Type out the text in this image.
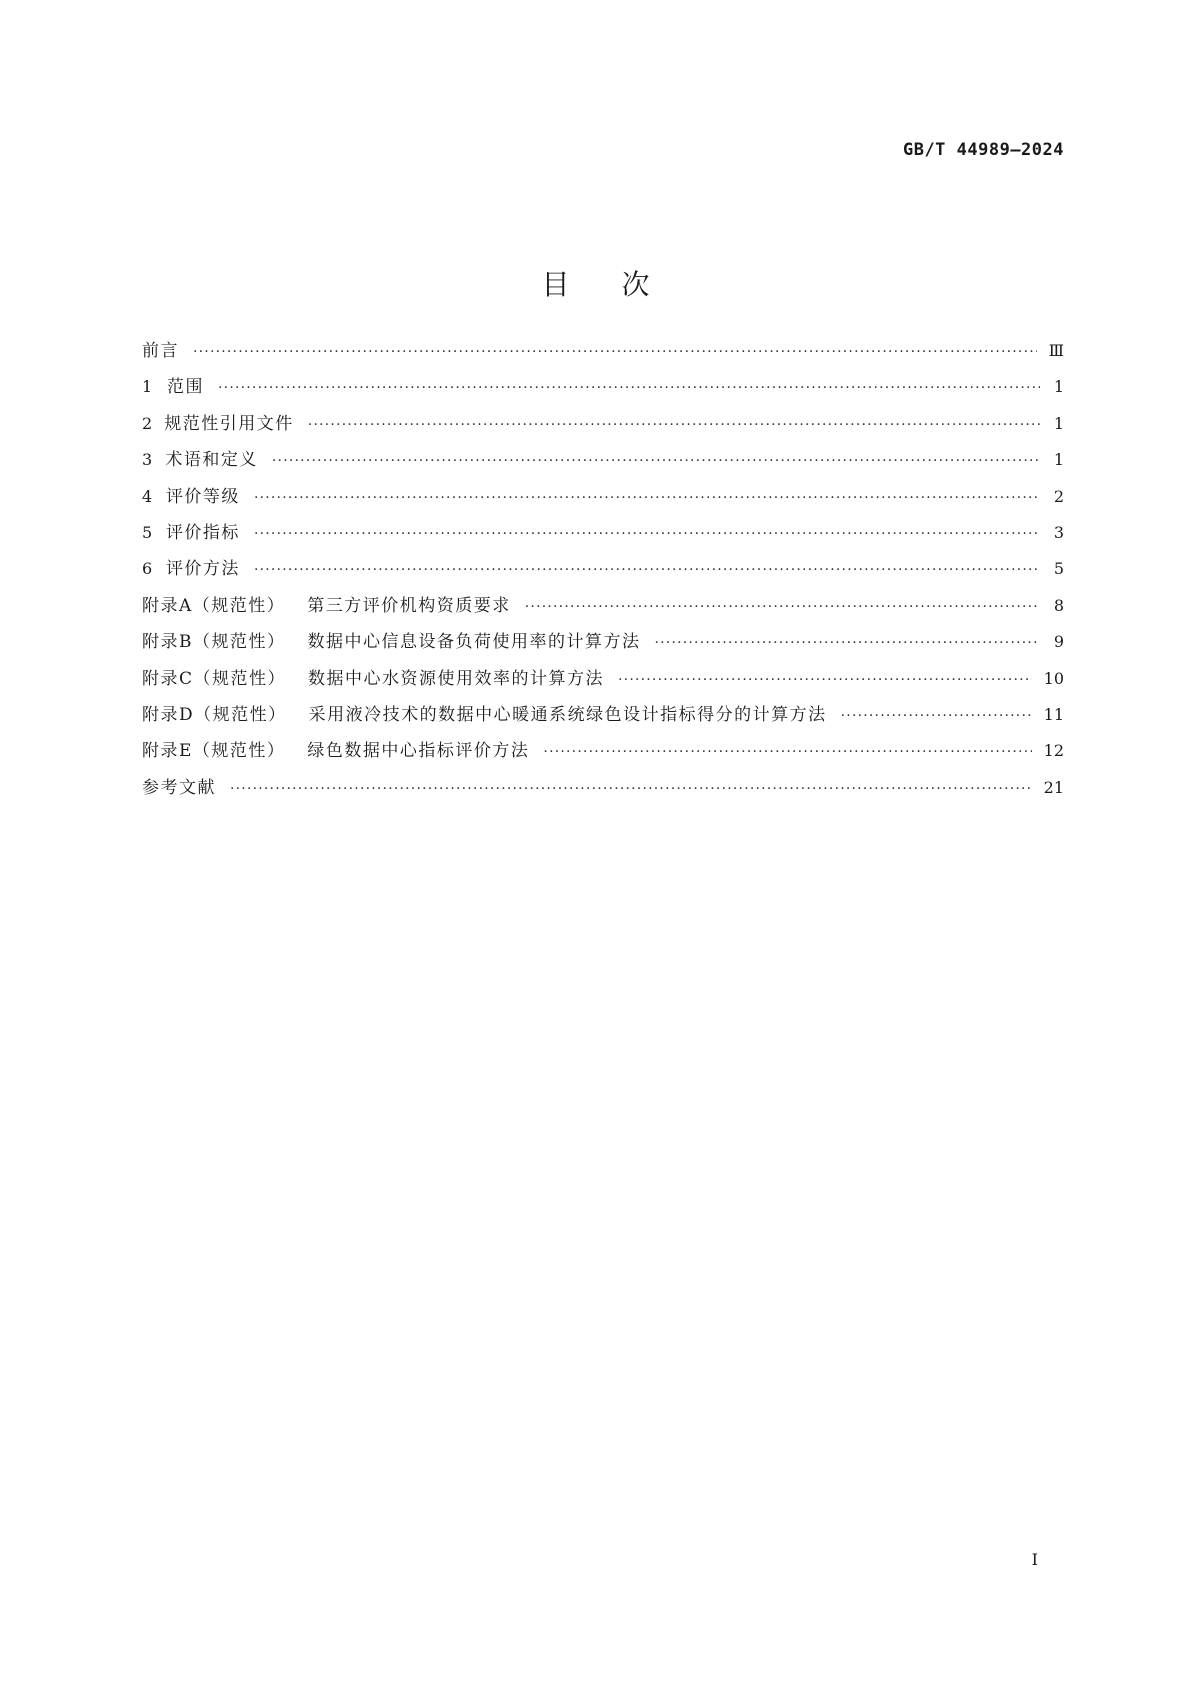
GB/T 44989—2024
目次
前言 ·····	Ⅲ
1 范围 ·····	1
2 规范性引用文件 ·····	1
3 术语和定义 ·····	1
4 评价等级 ·····	2
5 评价指标 ·····	3
6 评价方法 ·····	5
附录A（规范性） 第三方评价机构资质要求 ·····	8
附录B（规范性） 数据中心信息设备负荷使用率的计算方法 ·····	9
附录C（规范性） 数据中心水资源使用效率的计算方法 ·····	10
附录D（规范性） 采用液冷技术的数据中心暖通系统绿色设计指标得分的计算方法 ·····	11
附录E（规范性） 绿色数据中心指标评价方法 ·····	12
参考文献 ·····	21
I
